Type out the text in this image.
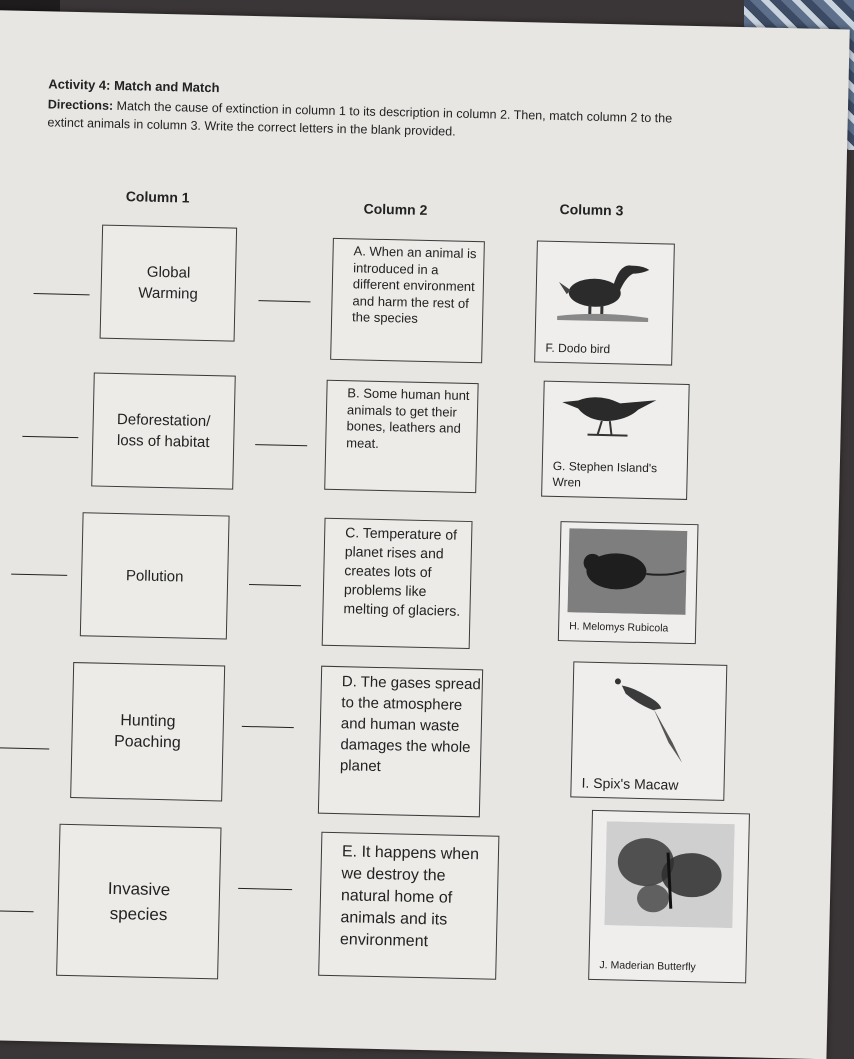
Activity 4: Match and Match
Directions: Match the cause of extinction in column 1 to its description in column 2. Then, match column 2 to the extinct animals in column 3. Write the correct letters in the blank provided.
Column 1
Column 2	Column 3
Global
Warming
A. When an animal is introduced in a different environment and harm the rest of the species
F. Dodo bird
Deforestation/
loss of habitat
B. Some human hunt animals to get their bones, leathers and meat.
G. Stephen Island's Wren
Pollution

C. Temperature of planet rises and creates lots of problems like melting of glaciers.
H. Melomys Rubicola
Hunting
Poaching
D. The gases spread to the atmosphere and human waste damages the whole planet
I. Spix's Macaw
Invasive
species
E. It happens when we destroy the natural home of animals and its environment
J. Maderian Butterfly
